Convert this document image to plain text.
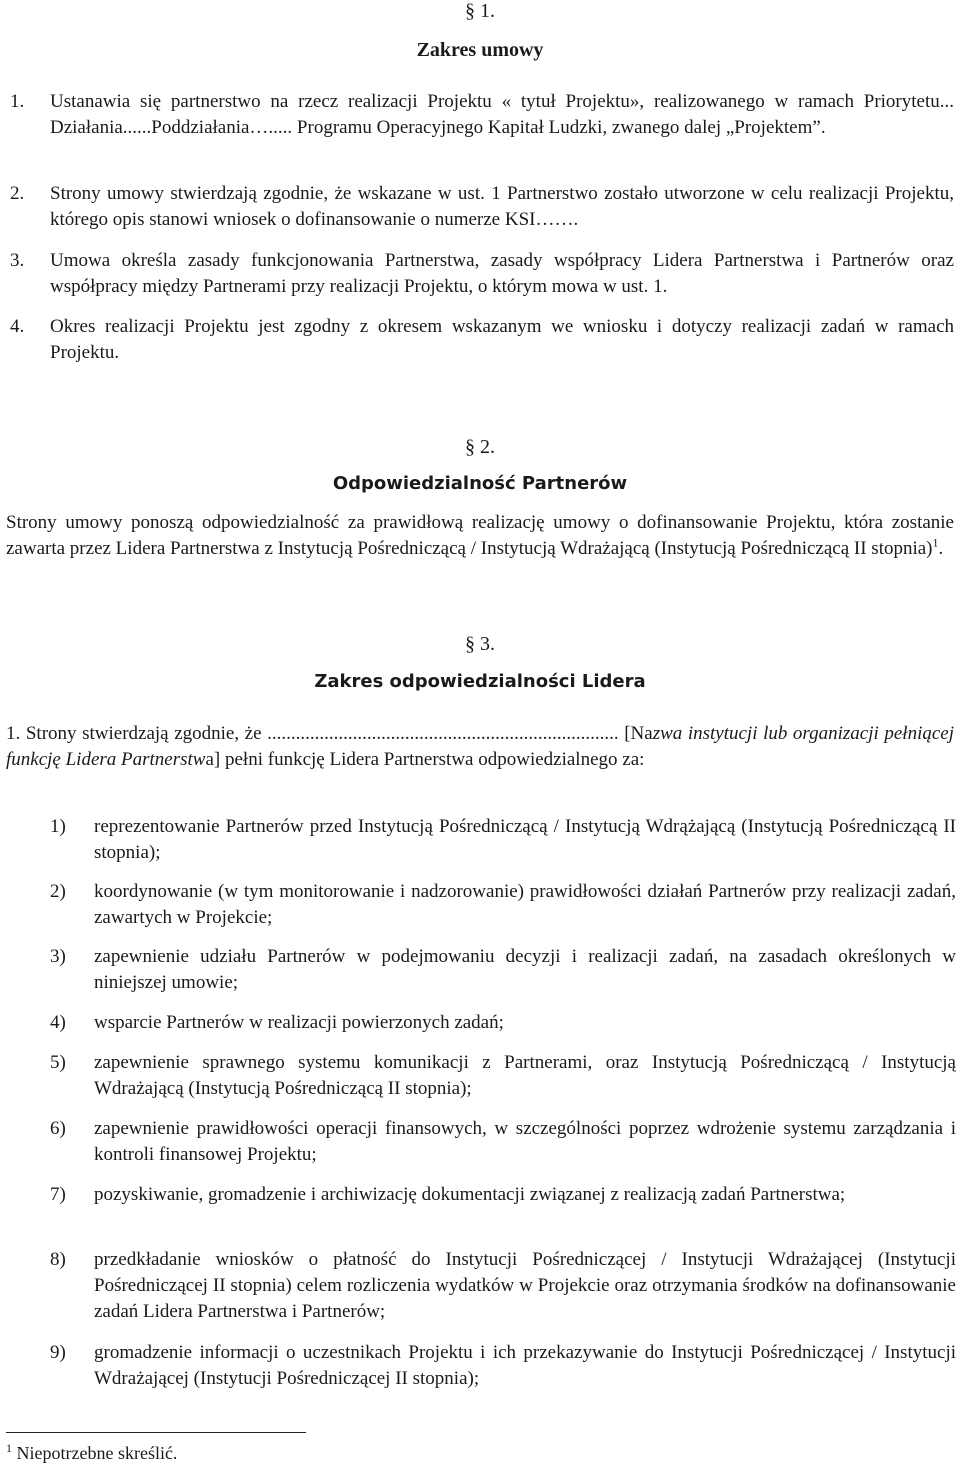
§ 1.
Zakres umowy
1.	Ustanawia się partnerstwo na rzecz realizacji Projektu « tytuł Projektu», realizowanego w ramach Priorytetu... Działania......Poddziałania…..... Programu Operacyjnego Kapitał Ludzki, zwanego dalej „Projektem”.
2.	Strony umowy stwierdzają zgodnie, że wskazane w ust. 1 Partnerstwo zostało utworzone w celu realizacji Projektu, którego opis stanowi wniosek o dofinansowanie o numerze KSI…….
3.	Umowa określa zasady funkcjonowania Partnerstwa, zasady współpracy Lidera Partnerstwa i Partnerów oraz współpracy między Partnerami przy realizacji Projektu, o którym mowa w ust. 1.
4.	Okres realizacji Projektu jest zgodny z okresem wskazanym we wniosku i dotyczy realizacji zadań w ramach Projektu.
§ 2.
Odpowiedzialność Partnerów
Strony umowy ponoszą odpowiedzialność za prawidłową realizację umowy o dofinansowanie Projektu, która zostanie zawarta przez Lidera Partnerstwa z Instytucją Pośredniczącą / Instytucją Wdrażającą (Instytucją Pośredniczącą II stopnia)$^1$.
§ 3.
Zakres odpowiedzialności Lidera
1. Strony stwierdzają zgodnie, że .......................................................................... [Nazwa instytucji lub organizacji pełniącej funkcję Lidera Partnerstwa] pełni funkcję Lidera Partnerstwa odpowiedzialnego za:
1)	reprezentowanie Partnerów przed Instytucją Pośredniczącą / Instytucją Wdrążającą (Instytucją Pośredniczącą II stopnia);
2)	koordynowanie (w tym monitorowanie i nadzorowanie) prawidłowości działań Partnerów przy realizacji zadań, zawartych w Projekcie;
3)	zapewnienie udziału Partnerów w podejmowaniu decyzji i realizacji zadań, na zasadach określonych w niniejszej umowie;
4)	wsparcie Partnerów w realizacji powierzonych zadań;
5)	zapewnienie sprawnego systemu komunikacji z Partnerami, oraz Instytucją Pośredniczącą / Instytucją Wdrażającą (Instytucją Pośredniczącą II stopnia);
6)	zapewnienie prawidłowości operacji finansowych, w szczególności poprzez wdrożenie systemu zarządzania i kontroli finansowej Projektu;
7)	pozyskiwanie, gromadzenie i archiwizację dokumentacji związanej z realizacją zadań Partnerstwa;
8)	przedkładanie wniosków o płatność do Instytucji Pośredniczącej / Instytucji Wdrażającej (Instytucji Pośredniczącej II stopnia) celem rozliczenia wydatków w Projekcie oraz otrzymania środków na dofinansowanie zadań Lidera Partnerstwa i Partnerów;
9)	gromadzenie informacji o uczestnikach Projektu i ich przekazywanie do Instytucji Pośredniczącej / Instytucji Wdrażającej (Instytucji Pośredniczącej II stopnia);
$^1$ Niepotrzebne skreślić.
